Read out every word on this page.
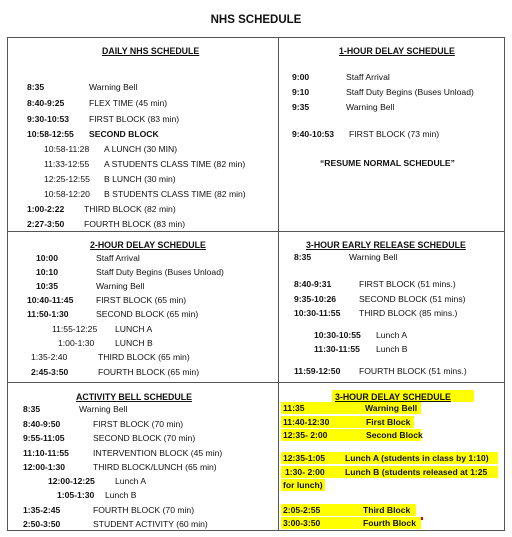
NHS SCHEDULE
DAILY NHS SCHEDULE
8:35	Warning Bell
8:40-9:25	FLEX TIME (45 min)
9:30-10:53 FIRST BLOCK (83 min)
10:58-12:55 SECOND BLOCK
10:58-11:28 A LUNCH (30 MIN)
11:33-12:55 A STUDENTS CLASS TIME (82 min)
12:25-12:55 B LUNCH (30 min)
10:58-12:20 B STUDENTS CLASS TIME (82 min)
1:00-2:22 THIRD BLOCK (82 min)
2:27-3:50 FOURTH BLOCK (83 min)
1-HOUR DELAY SCHEDULE
9:00	Staff Arrival
9:10	Staff Duty Begins (Buses Unload)
9:35	Warning Bell
9:40-10:53 FIRST BLOCK (73 min)
“RESUME NORMAL SCHEDULE”
2-HOUR DELAY SCHEDULE
10:00	Staff Arrival
10:10	Staff Duty Begins (Buses Unload)
10:35	Warning Bell
10:40-11:45	FIRST BLOCK (65 min)
11:50-1:30	SECOND BLOCK (65 min)
11:55-12:25 LUNCH A
1:00-1:30 LUNCH B
1:35-2:40	THIRD BLOCK (65 min)
2:45-3:50	FOURTH BLOCK (65 min)
3-HOUR EARLY RELEASE SCHEDULE
8:35	Warning Bell
8:40-9:31	FIRST BLOCK (51 mins.)
9:35-10:26	SECOND BLOCK (51 mins)
10:30-11:55 THIRD BLOCK (85 mins.)
10:30-10:55 Lunch A
11:30-11:55 Lunch B
11:59-12:50 FOURTH BLOCK (51 mins.)
ACTIVITY BELL SCHEDULE
8:35	Warning Bell
8:40-9:50	FIRST BLOCK (70 min)
9:55-11:05	SECOND BLOCK (70 min)
11:10-11:55	INTERVENTION BLOCK (45 min)
12:00-1:30	THIRD BLOCK/LUNCH (65 min)
12:00-12:25 Lunch A
1:05-1:30 Lunch B
1:35-2:45	FOURTH BLOCK (70 min)
2:50-3:50	STUDENT ACTIVITY (60 min)
3-HOUR DELAY SCHEDULE
11:35	Warning Bell
11:40-12:30	First Block
12:35- 2:00	Second Block
12:35-1:05 Lunch A (students in class by 1:10)
1:30- 2:00 Lunch B (students released at 1:25
for lunch)
2:05-2:55	Third Block
3:00-3:50	Fourth Block
